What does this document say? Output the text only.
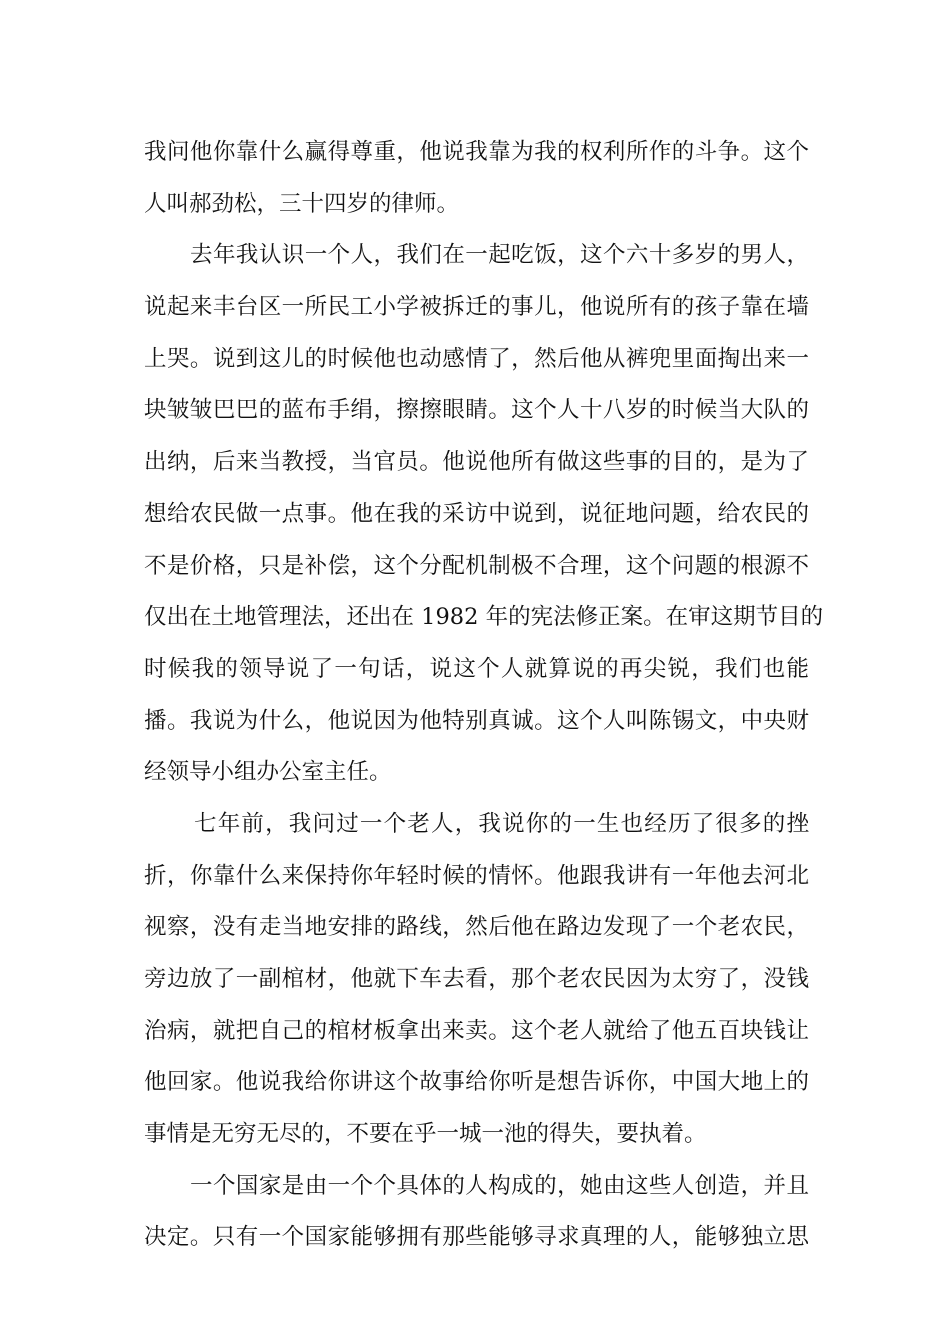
我问他你靠什么赢得尊重，他说我靠为我的权利所作的斗争。这个
人叫郝劲松，三十四岁的律师。
去年我认识一个人，我们在一起吃饭，这个六十多岁的男人，
说起来丰台区一所民工小学被拆迁的事儿，他说所有的孩子靠在墙
上哭。说到这儿的时候他也动感情了，然后他从裤兜里面掏出来一
块皱皱巴巴的蓝布手绢，擦擦眼睛。这个人十八岁的时候当大队的
出纳，后来当教授，当官员。他说他所有做这些事的目的，是为了
想给农民做一点事。他在我的采访中说到，说征地问题，给农民的
不是价格，只是补偿，这个分配机制极不合理，这个问题的根源不
仅出在土地管理法，还出在 1982 年的宪法修正案。在审这期节目的
时候我的领导说了一句话，说这个人就算说的再尖锐，我们也能
播。我说为什么，他说因为他特别真诚。这个人叫陈锡文，中央财
经领导小组办公室主任。
七年前，我问过一个老人，我说你的一生也经历了很多的挫
折，你靠什么来保持你年轻时候的情怀。他跟我讲有一年他去河北
视察，没有走当地安排的路线，然后他在路边发现了一个老农民，
旁边放了一副棺材，他就下车去看，那个老农民因为太穷了，没钱
治病，就把自己的棺材板拿出来卖。这个老人就给了他五百块钱让
他回家。他说我给你讲这个故事给你听是想告诉你，中国大地上的
事情是无穷无尽的，不要在乎一城一池的得失，要执着。
一个国家是由一个个具体的人构成的，她由这些人创造，并且
决定。只有一个国家能够拥有那些能够寻求真理的人，能够独立思
